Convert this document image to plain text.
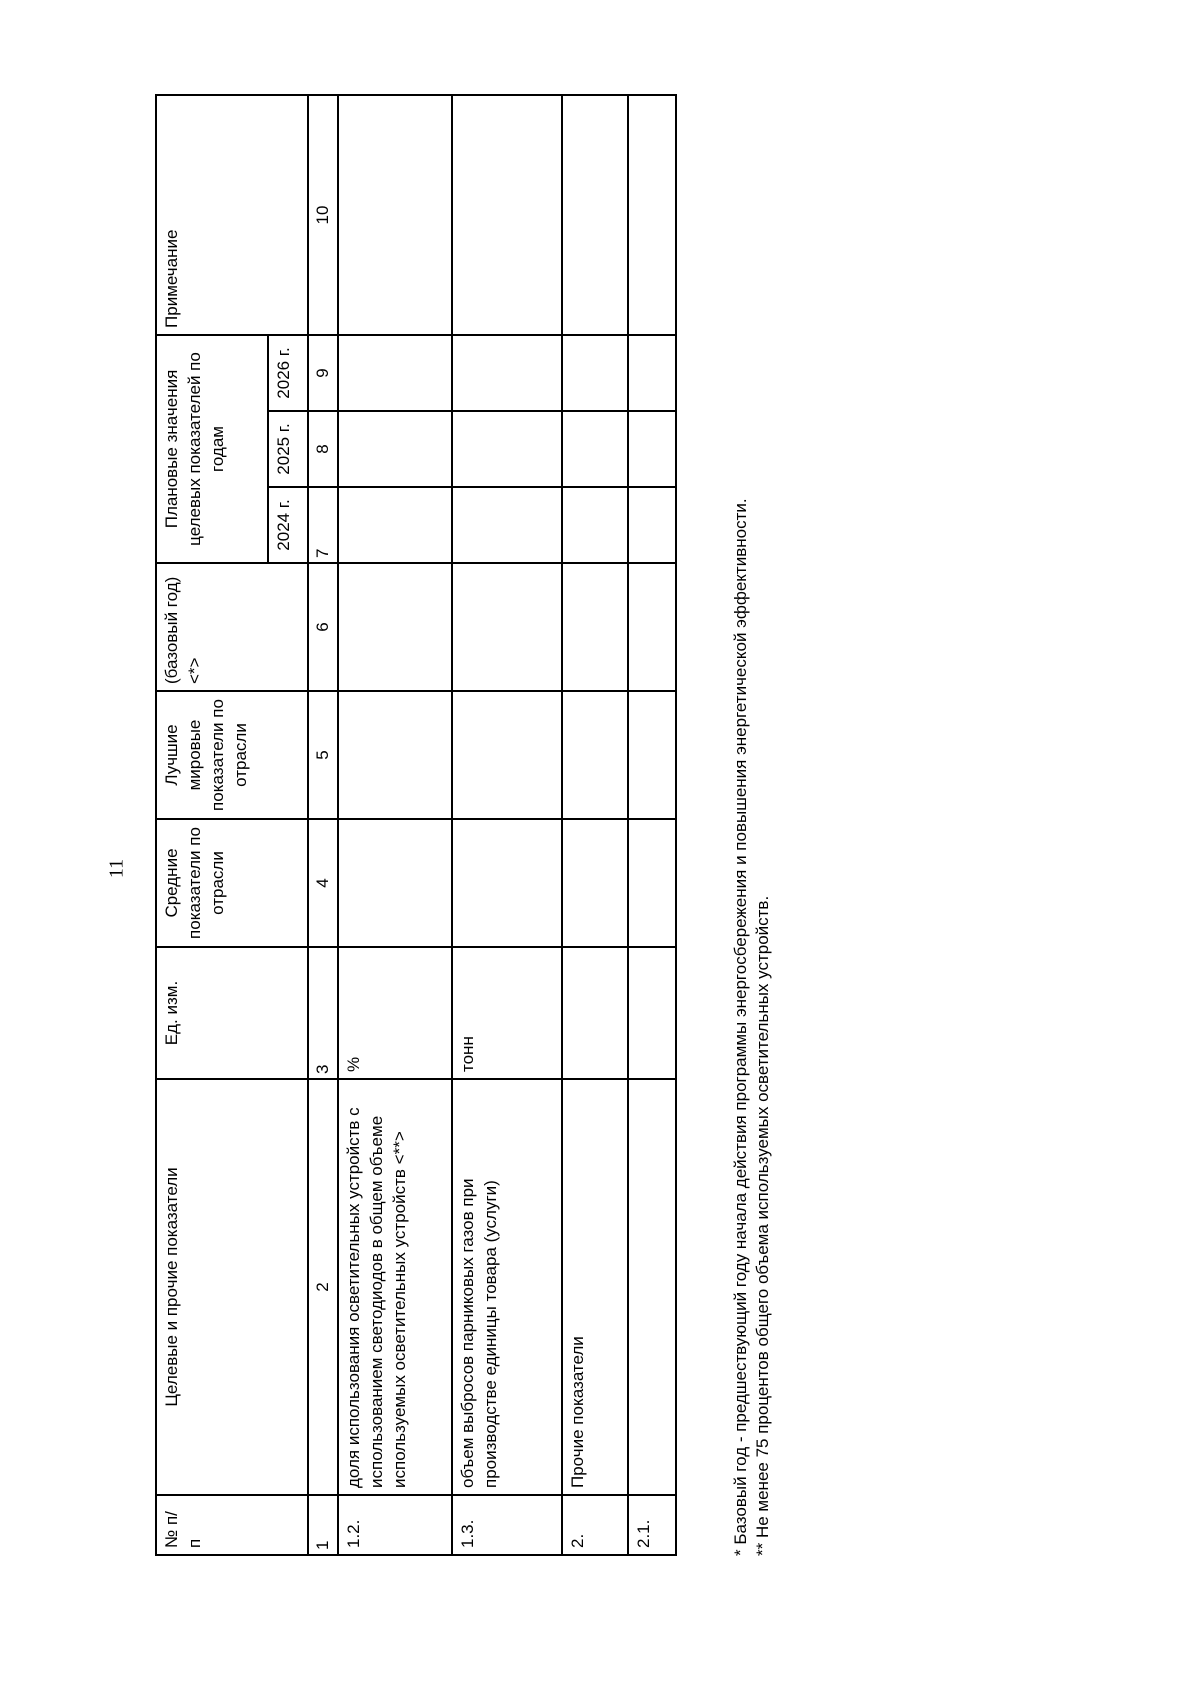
11
№ п/п	Целевые и прочие показатели	Ед. изм.	Средние показатели по отрасли	Лучшие мировые показатели по отрасли	(базовый год) <*>	Плановые значения целевых показателей по годам			Примечание
						2024 г.	2025 г.	2026 г.	
1	2	3	4	5	6	7	8	9	10
1.2.	доля использования осветительных устройств с использованием светодиодов в общем объеме используемых осветительных устройств <**>	%							
1.3.	объем выбросов парниковых газов при производстве единицы товара (услуги)	тонн							
2.	Прочие показатели								
2.1.										* Базовый год - предшествующий году начала действия программы энергосбережения и повышения энергетической эффективности. ** Не менее 75 процентов общего объема используемых осветительных устройств.
